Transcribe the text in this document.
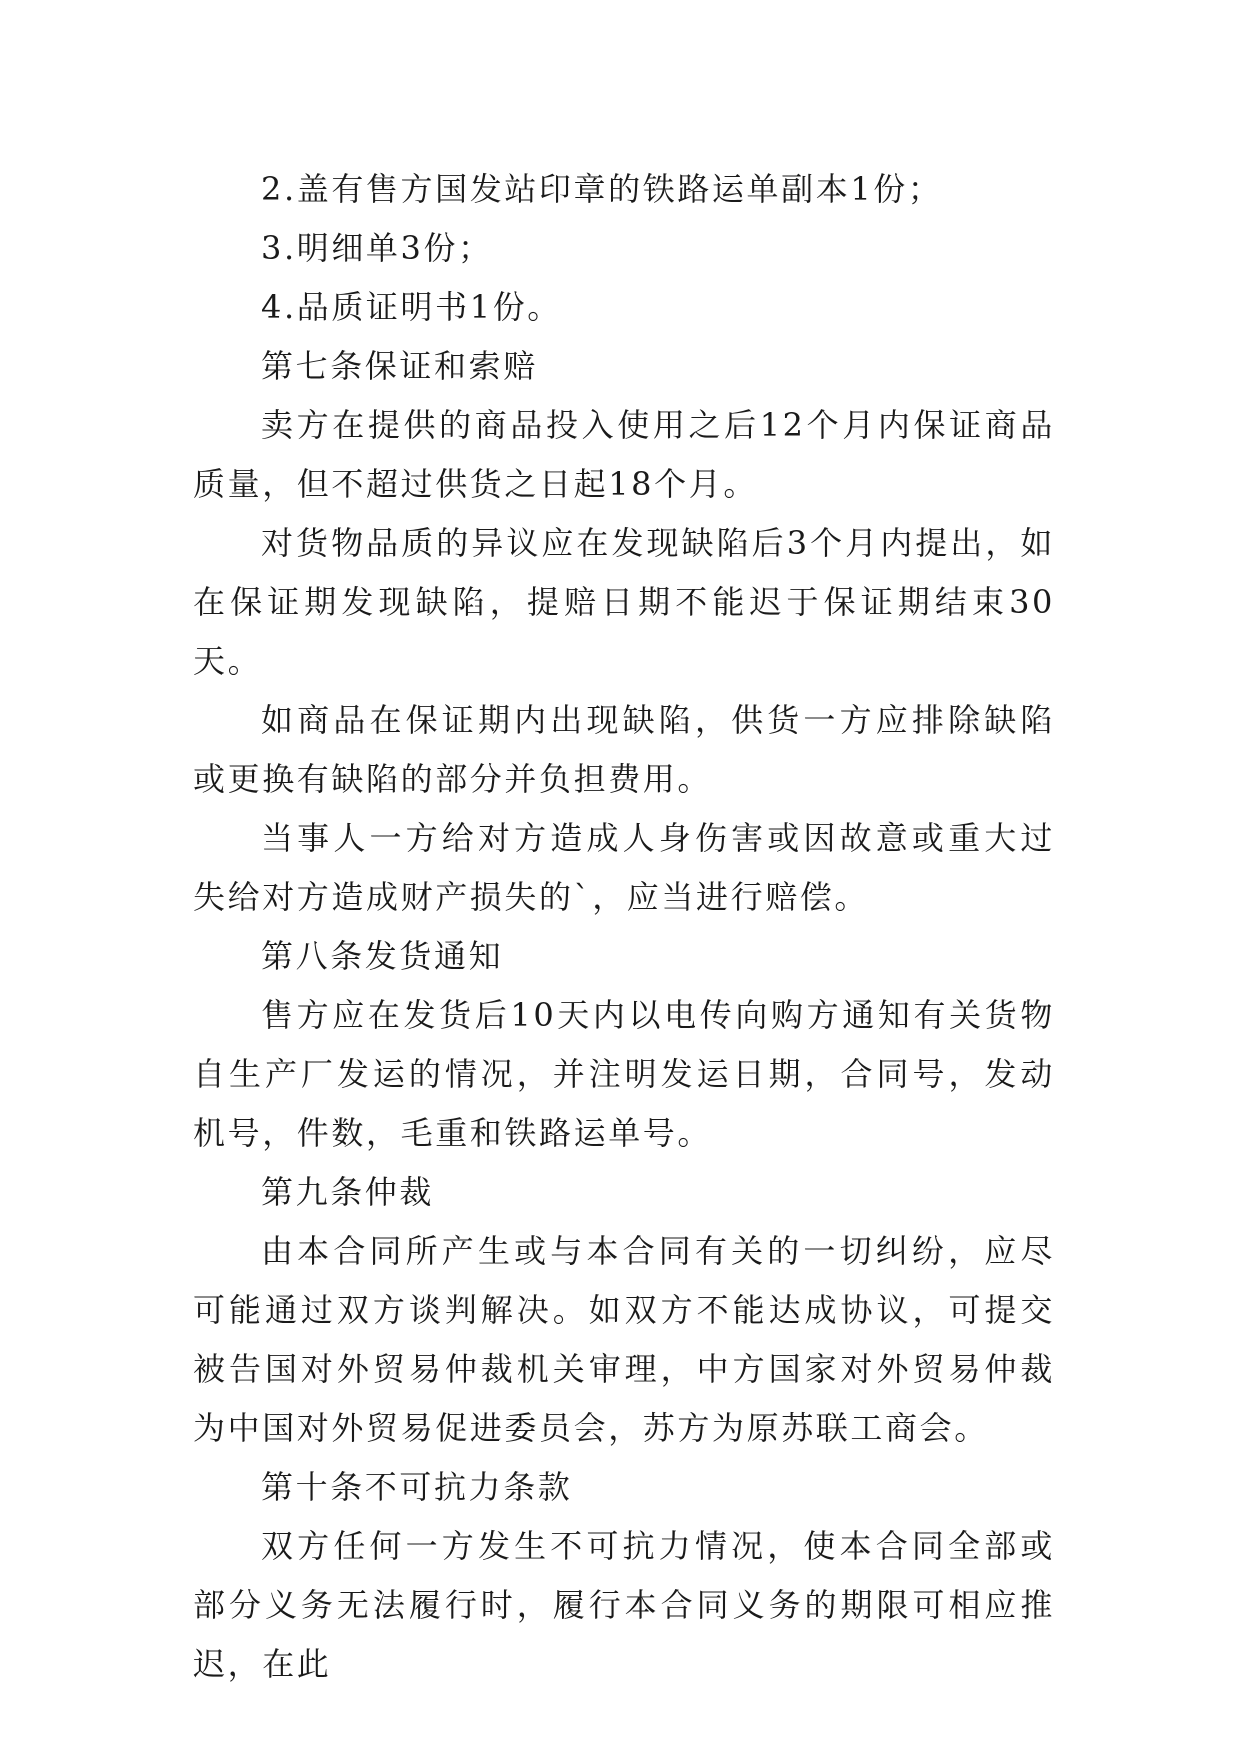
2.盖有售方国发站印章的铁路运单副本1份；

3.明细单3份；

4.品质证明书1份。

第七条保证和索赔

卖方在提供的商品投入使用之后12个月内保证商品质量，但不超过供货之日起18个月。

对货物品质的异议应在发现缺陷后3个月内提出，如在保证期发现缺陷，提赔日期不能迟于保证期结束30天。

如商品在保证期内出现缺陷，供货一方应排除缺陷或更换有缺陷的部分并负担费用。

当事人一方给对方造成人身伤害或因故意或重大过失给对方造成财产损失的`，应当进行赔偿。

第八条发货通知

售方应在发货后10天内以电传向购方通知有关货物自生产厂发运的情况，并注明发运日期，合同号，发动机号，件数，毛重和铁路运单号。

第九条仲裁

由本合同所产生或与本合同有关的一切纠纷，应尽可能通过双方谈判解决。如双方不能达成协议，可提交被告国对外贸易仲裁机关审理，中方国家对外贸易仲裁为中国对外贸易促进委员会，苏方为原苏联工商会。

第十条不可抗力条款

双方任何一方发生不可抗力情况，使本合同全部或部分义务无法履行时，履行本合同义务的期限可相应推迟，在此
